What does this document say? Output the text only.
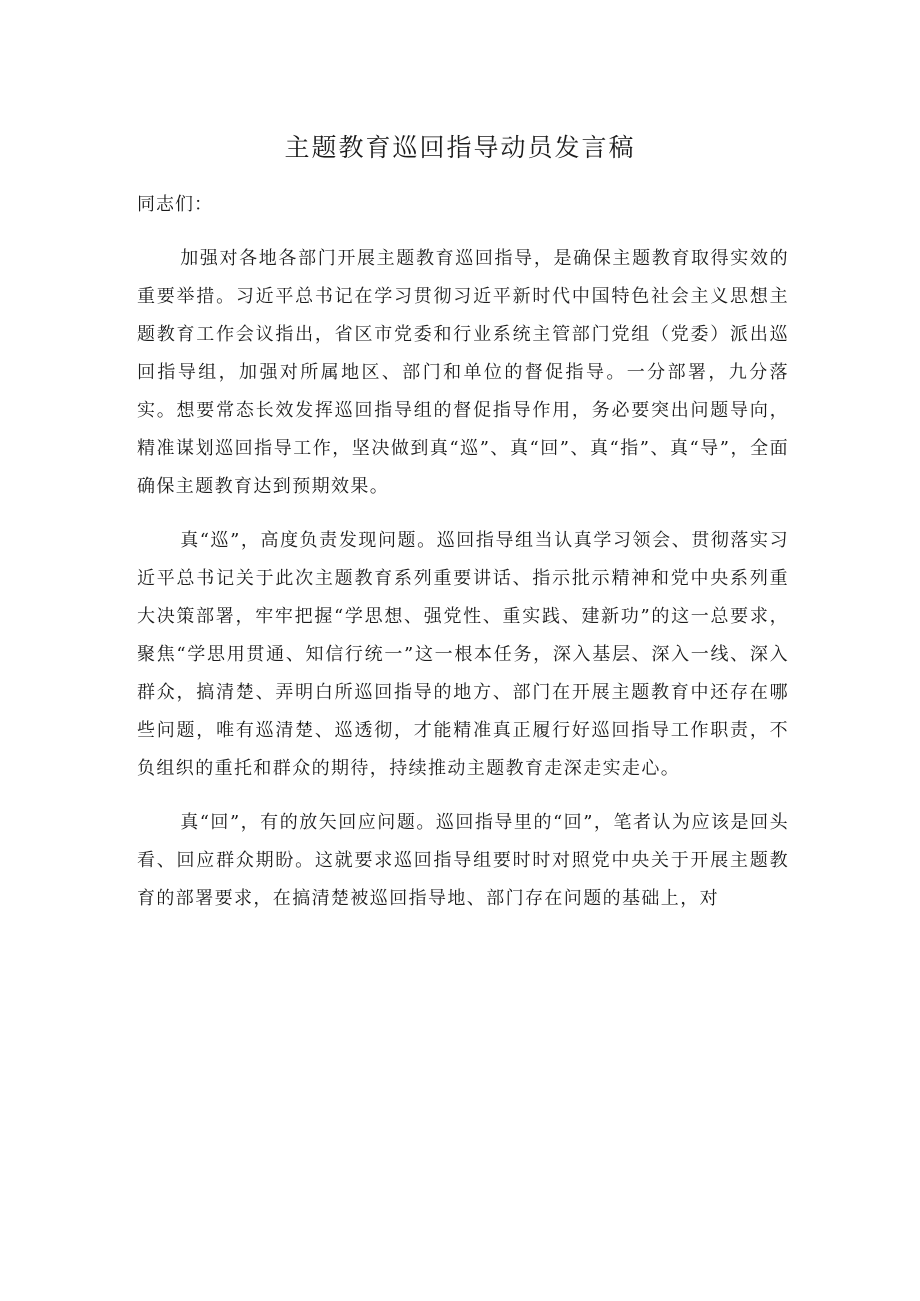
主题教育巡回指导动员发言稿

同志们：

加强对各地各部门开展主题教育巡回指导，是确保主题教育取得实效的重要举措。习近平总书记在学习贯彻习近平新时代中国特色社会主义思想主题教育工作会议指出，省区市党委和行业系统主管部门党组（党委）派出巡回指导组，加强对所属地区、部门和单位的督促指导。一分部署，九分落实。想要常态长效发挥巡回指导组的督促指导作用，务必要突出问题导向，精准谋划巡回指导工作，坚决做到真“巡”、真“回”、真“指”、真“导”，全面确保主题教育达到预期效果。

真“巡”，高度负责发现问题。巡回指导组当认真学习领会、贯彻落实习近平总书记关于此次主题教育系列重要讲话、指示批示精神和党中央系列重大决策部署，牢牢把握“学思想、强党性、重实践、建新功”的这一总要求，聚焦“学思用贯通、知信行统一”这一根本任务，深入基层、深入一线、深入群众，搞清楚、弄明白所巡回指导的地方、部门在开展主题教育中还存在哪些问题，唯有巡清楚、巡透彻，才能精准真正履行好巡回指导工作职责，不负组织的重托和群众的期待，持续推动主题教育走深走实走心。

真“回”，有的放矢回应问题。巡回指导里的“回”，笔者认为应该是回头看、回应群众期盼。这就要求巡回指导组要时时对照党中央关于开展主题教育的部署要求，在搞清楚被巡回指导地、部门存在问题的基础上，对
